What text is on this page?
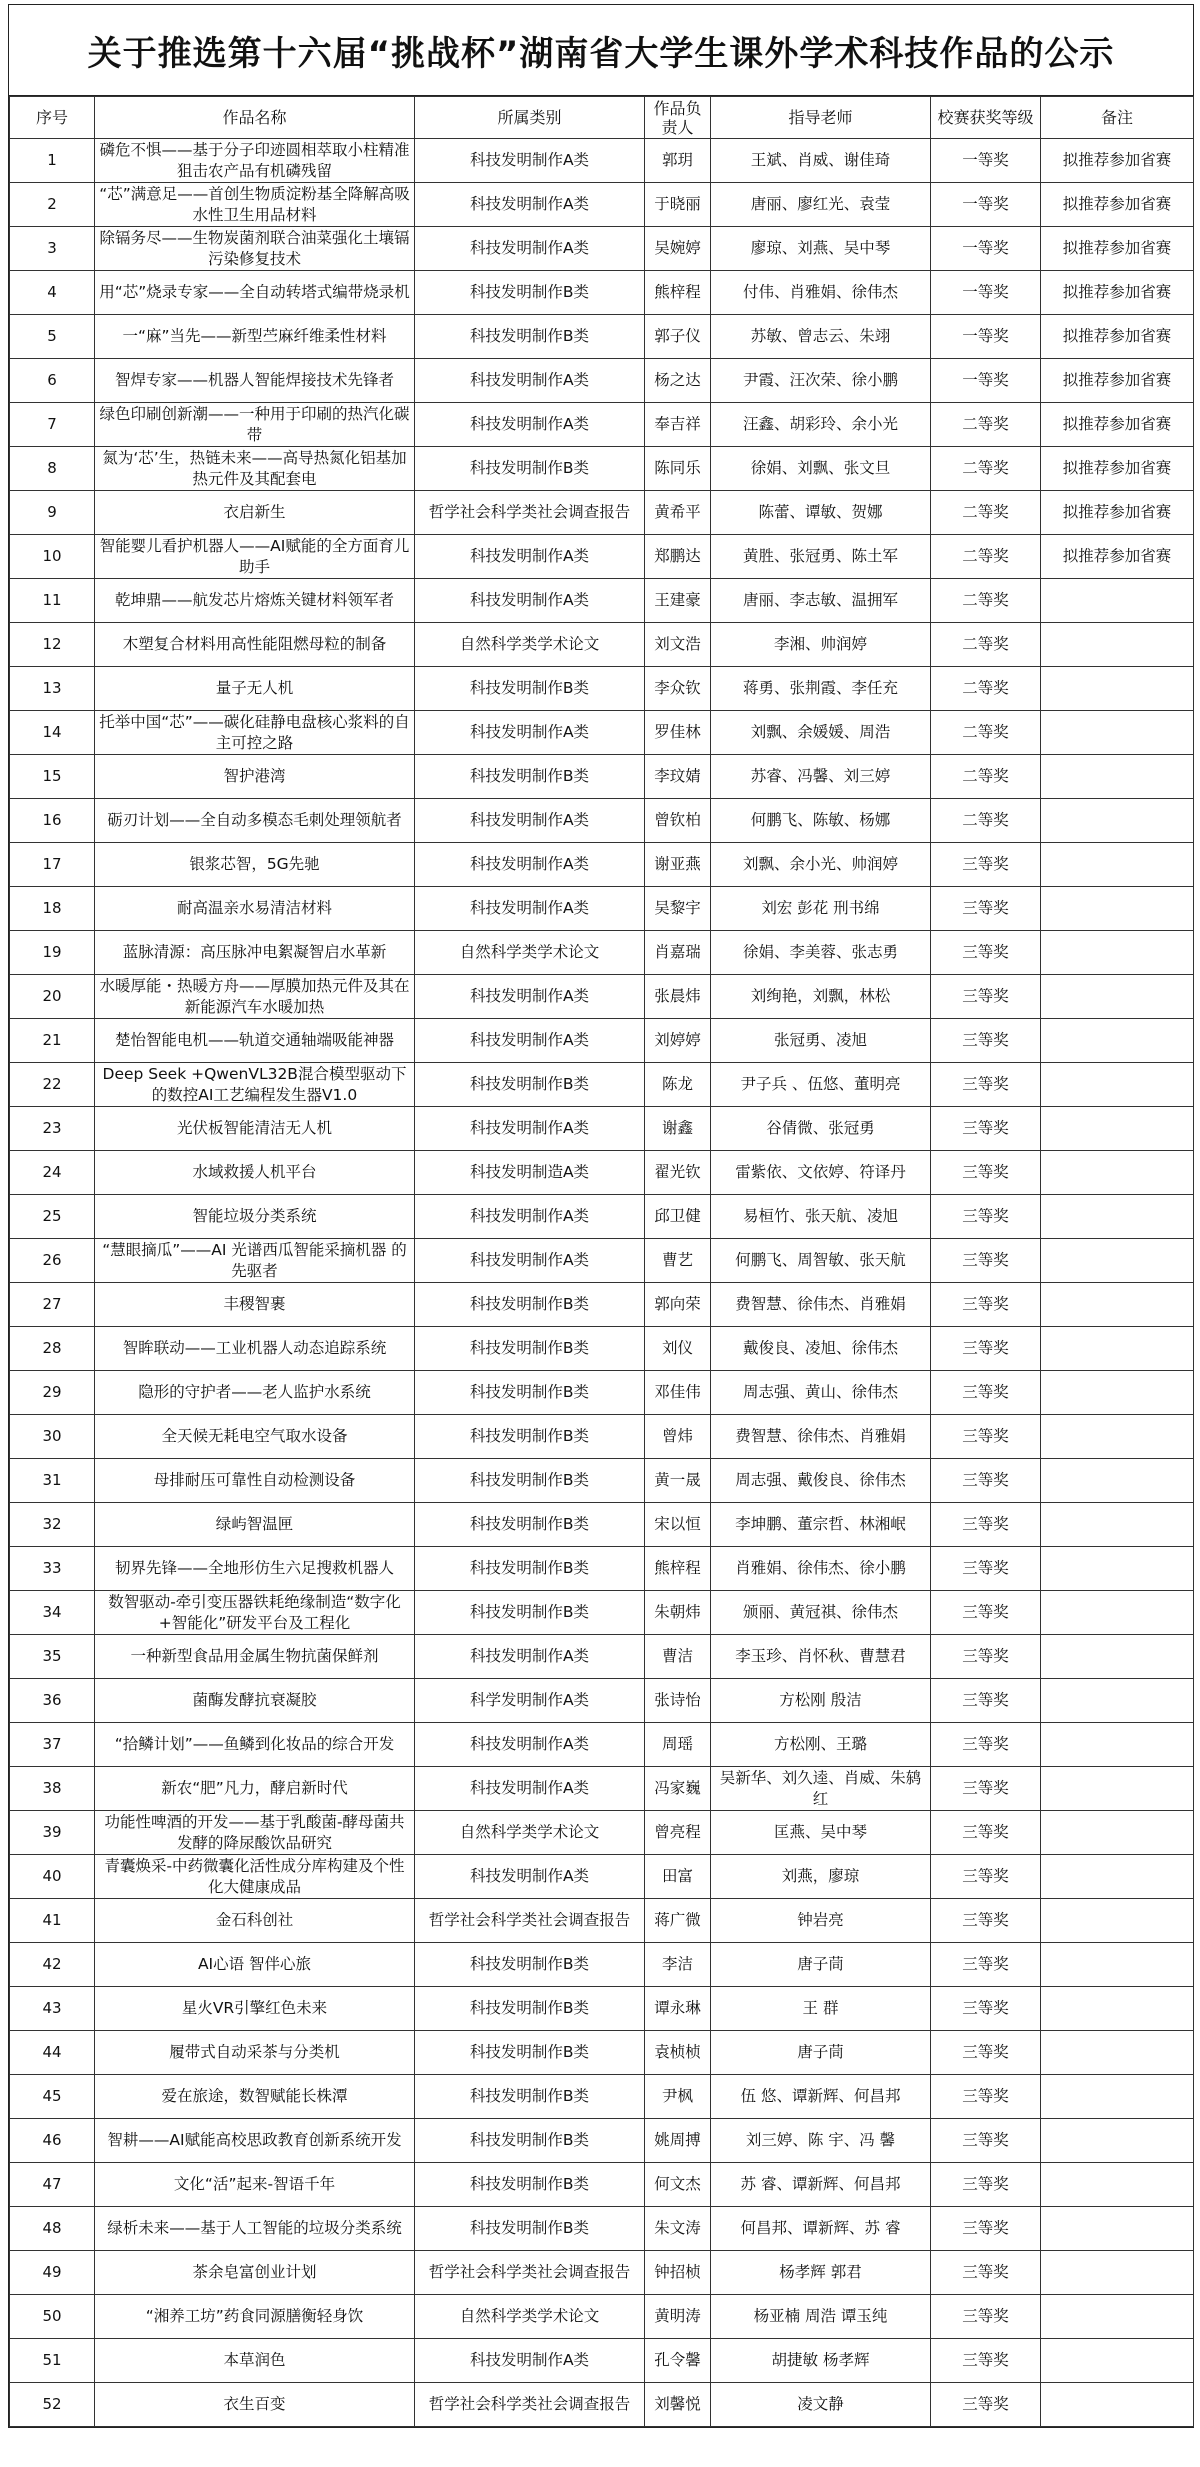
关于推选第十六届“挑战杯”湖南省大学生课外学术科技作品的公示
序号	作品名称	所属类别	作品负责人	指导老师	校赛获奖等级	备注
1	磷危不惧——基于分子印迹圆相萃取小柱精准狙击农产品有机磷残留	科技发明制作A类	郭玥	王斌、肖威、谢佳琦	一等奖	拟推荐参加省赛
2	“芯”满意足——首创生物质淀粉基全降解高吸水性卫生用品材料	科技发明制作A类	于晓丽	唐丽、廖红光、袁莹	一等奖	拟推荐参加省赛
3	除镉务尽——生物炭菌剂联合油菜强化土壤镉污染修复技术	科技发明制作A类	吴婉婷	廖琼、刘燕、吴中琴	一等奖	拟推荐参加省赛
4	用“芯”烧录专家——全自动转塔式编带烧录机	科技发明制作B类	熊梓程	付伟、肖雅娟、徐伟杰	一等奖	拟推荐参加省赛
5	一“麻”当先——新型苎麻纤维柔性材料	科技发明制作B类	郭子仪	苏敏、曾志云、朱翊	一等奖	拟推荐参加省赛
6	智焊专家——机器人智能焊接技术先锋者	科技发明制作A类	杨之达	尹霞、汪次荣、徐小鹏	一等奖	拟推荐参加省赛
7	绿色印刷创新潮——一种用于印刷的热汽化碳带	科技发明制作A类	奉吉祥	汪鑫、胡彩玲、余小光	二等奖	拟推荐参加省赛
8	氮为‘芯’生，热链未来——高导热氮化铝基加热元件及其配套电	科技发明制作B类	陈同乐	徐娟、刘飘、张文旦	二等奖	拟推荐参加省赛
9	衣启新生	哲学社会科学类社会调查报告	黄希平	陈蕾、谭敏、贺娜	二等奖	拟推荐参加省赛
10	智能婴儿看护机器人——AI赋能的全方面育儿助手	科技发明制作A类	郑鹏达	黄胜、张冠勇、陈土军	二等奖	拟推荐参加省赛
11	乾坤鼎——航发芯片熔炼关键材料领军者	科技发明制作A类	王建豪	唐丽、李志敏、温拥军	二等奖	
12	木塑复合材料用高性能阻燃母粒的制备	自然科学类学术论文	刘文浩	李湘、帅润婷	二等奖	
13	量子无人机	科技发明制作B类	李众钦	蒋勇、张荆霞、李任充	二等奖	
14	托举中国“芯”——碳化硅静电盘核心浆料的自主可控之路	科技发明制作A类	罗佳林	刘飘、余媛媛、周浩	二等奖	
15	智护港湾	科技发明制作B类	李玟婧	苏睿、冯馨、刘三婷	二等奖	
16	砺刃计划——全自动多模态毛刺处理领航者	科技发明制作A类	曾钦柏	何鹏飞、陈敏、杨娜	二等奖	
17	银浆芯智，5G先驰	科技发明制作A类	谢亚燕	刘飘、余小光、帅润婷	三等奖	
18	耐高温亲水易清洁材料	科技发明制作A类	吴黎宇	刘宏 彭花 刑书绵	三等奖	
19	蓝脉清源：高压脉冲电絮凝智启水革新	自然科学类学术论文	肖嘉瑞	徐娟、李美蓉、张志勇	三等奖	
20	水暖厚能・热暖方舟——厚膜加热元件及其在新能源汽车水暖加热	科技发明制作A类	张晨炜	刘绚艳，刘飘，林松	三等奖	
21	楚怡智能电机——轨道交通轴端吸能神器	科技发明制作A类	刘婷婷	张冠勇、凌旭	三等奖	
22	Deep Seek +QwenVL32B混合模型驱动下的数控AI工艺编程发生器V1.0	科技发明制作B类	陈龙	尹子兵 、伍悠、董明亮	三等奖	
23	光伏板智能清洁无人机	科技发明制作A类	谢鑫	谷倩微、张冠勇	三等奖	
24	水域救援人机平台	科技发明制造A类	翟光钦	雷紫依、文依婷、符译丹	三等奖	
25	智能垃圾分类系统	科技发明制作A类	邱卫健	易桓竹、张天航、凌旭	三等奖	
26	“慧眼摘瓜”——AI 光谱西瓜智能采摘机器 的先驱者	科技发明制作A类	曹艺	何鹏飞、周智敏、张天航	三等奖	
27	丰稷智裹	科技发明制作B类	郭向荣	费智慧、徐伟杰、肖雅娟	三等奖	
28	智眸联动——工业机器人动态追踪系统	科技发明制作B类	刘仪	戴俊良、凌旭、徐伟杰	三等奖	
29	隐形的守护者——老人监护水系统	科技发明制作B类	邓佳伟	周志强、黄山、徐伟杰	三等奖	
30	全天候无耗电空气取水设备	科技发明制作B类	曾炜	费智慧、徐伟杰、肖雅娟	三等奖	
31	母排耐压可靠性自动检测设备	科技发明制作B类	黄一晟	周志强、戴俊良、徐伟杰	三等奖	
32	绿屿智温匣	科技发明制作B类	宋以恒	李坤鹏、董宗哲、林湘岷	三等奖	
33	韧界先锋——全地形仿生六足搜救机器人	科技发明制作B类	熊梓程	肖雅娟、徐伟杰、徐小鹏	三等奖	
34	数智驱动-牵引变压器铁耗绝缘制造“数字化+智能化”研发平台及工程化	科技发明制作B类	朱朝炜	颁丽、黄冠祺、徐伟杰	三等奖	
35	一种新型食品用金属生物抗菌保鲜剂	科技发明制作A类	曹洁	李玉珍、肖怀秋、曹慧君	三等奖	
36	菌酶发酵抗衰凝胶	科学发明制作A类	张诗怡	方松刚 殷洁	三等奖	
37	“拾鳞计划”——鱼鳞到化妆品的综合开发	科技发明制作A类	周瑶	方松刚、王璐	三等奖	
38	新农“肥”凡力，酵启新时代	科技发明制作A类	冯家巍	吴新华、刘久逵、肖威、朱鸫红	三等奖	
39	功能性啤酒的开发——基于乳酸菌-酵母菌共发酵的降尿酸饮品研究	自然科学类学术论文	曾亮程	匡燕、吴中琴	三等奖	
40	青囊焕采-中药微囊化活性成分库构建及个性化大健康成品	科技发明制作A类	田富	刘燕，廖琼	三等奖	
41	金石科创社	哲学社会科学类社会调查报告	蒋广微	钟岩亮	三等奖	
42	AI心语 智伴心旅	科技发明制作B类	李洁	唐子茼	三等奖	
43	星火VR引擎红色未来	科技发明制作B类	谭永琳	王 群	三等奖	
44	履带式自动采茶与分类机	科技发明制作B类	袁桢桢	唐子茼	三等奖	
45	爱在旅途，数智赋能长株潭	科技发明制作B类	尹枫	伍 悠、谭新辉、何昌邦	三等奖	
46	智耕——AI赋能高校思政教育创新系统开发	科技发明制作B类	姚周搏	刘三婷、陈 宇、冯 馨	三等奖	
47	文化“活”起来-智语千年	科技发明制作B类	何文杰	苏 睿、谭新辉、何昌邦	三等奖	
48	绿析未来——基于人工智能的垃圾分类系统	科技发明制作B类	朱文涛	何昌邦、谭新辉、苏 睿	三等奖	
49	茶余皂富创业计划	哲学社会科学类社会调查报告	钟招桢	杨孝辉 郭君	三等奖	
50	“湘养工坊”药食同源膳衡轻身饮	自然科学类学术论文	黄明涛	杨亚楠 周浩 谭玉纯	三等奖	
51	本草润色	科技发明制作A类	孔令馨	胡捷敏 杨孝辉	三等奖	
52	衣生百变	哲学社会科学类社会调查报告	刘馨悦	凌文静	三等奖	
